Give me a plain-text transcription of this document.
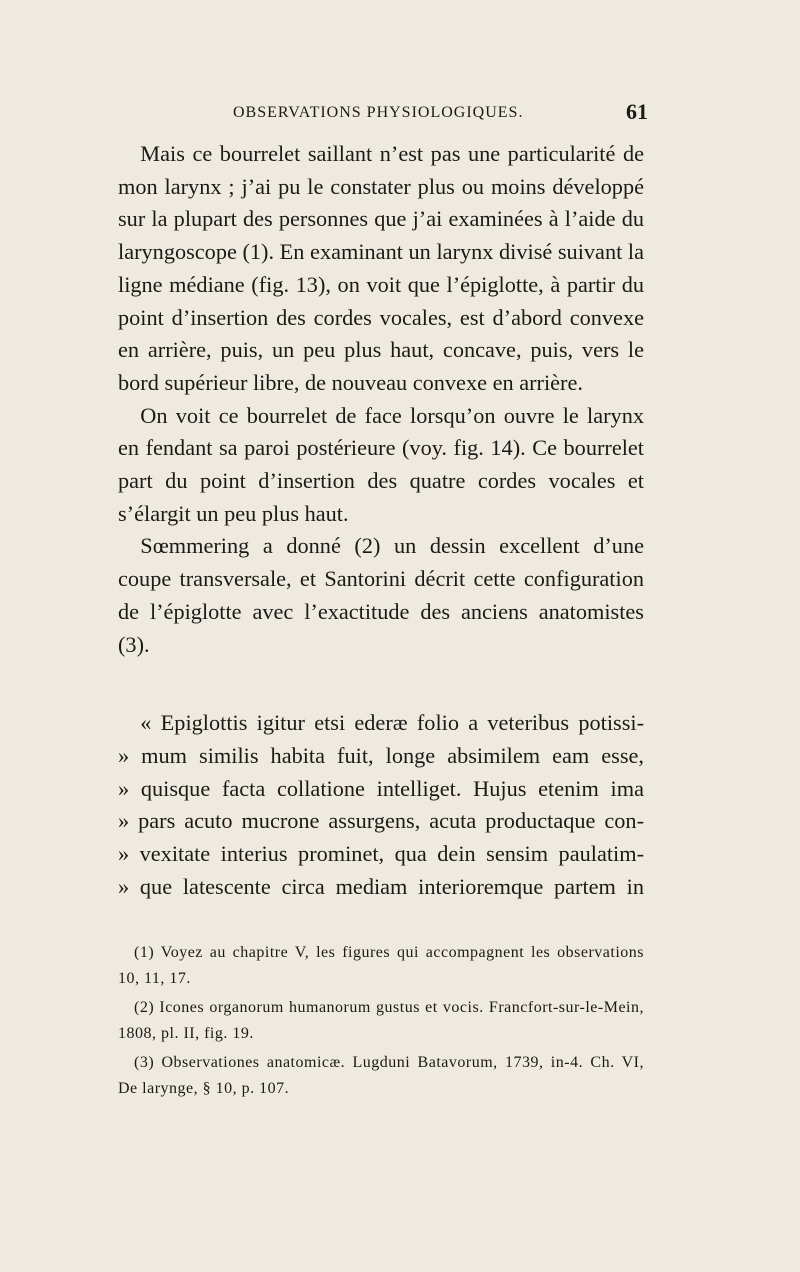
OBSERVATIONS PHYSIOLOGIQUES.	61

Mais ce bourrelet saillant n’est pas une particularité de mon larynx ; j’ai pu le constater plus ou moins développé sur la plupart des personnes que j’ai examinées à l’aide du laryngoscope (1). En examinant un larynx divisé suivant la ligne médiane (fig. 13), on voit que l’épiglotte, à partir du point d’insertion des cordes vocales, est d’abord convexe en arrière, puis, un peu plus haut, concave, puis, vers le bord supérieur libre, de nouveau convexe en arrière.

On voit ce bourrelet de face lorsqu’on ouvre le larynx en fendant sa paroi postérieure (voy. fig. 14). Ce bourrelet part du point d’insertion des quatre cordes vocales et s’élargit un peu plus haut.

Sœmmering a donné (2) un dessin excellent d’une coupe transversale, et Santorini décrit cette configuration de l’épiglotte avec l’exactitude des anciens anatomistes (3).

« Epiglottis igitur etsi ederæ folio a veteribus potissi-
» mum similis habita fuit, longe absimilem eam esse,
» quisque facta collatione intelliget. Hujus etenim ima
» pars acuto mucrone assurgens, acuta productaque con-
» vexitate interius prominet, qua dein sensim paulatim-
» que latescente circa mediam interioremque partem in

(1) Voyez au chapitre V, les figures qui accompagnent les observations 10, 11, 17.

(2) Icones organorum humanorum gustus et vocis. Francfort-sur-le-Mein, 1808, pl. II, fig. 19.

(3) Observationes anatomicæ. Lugduni Batavorum, 1739, in-4. Ch. VI, De larynge, § 10, p. 107.
